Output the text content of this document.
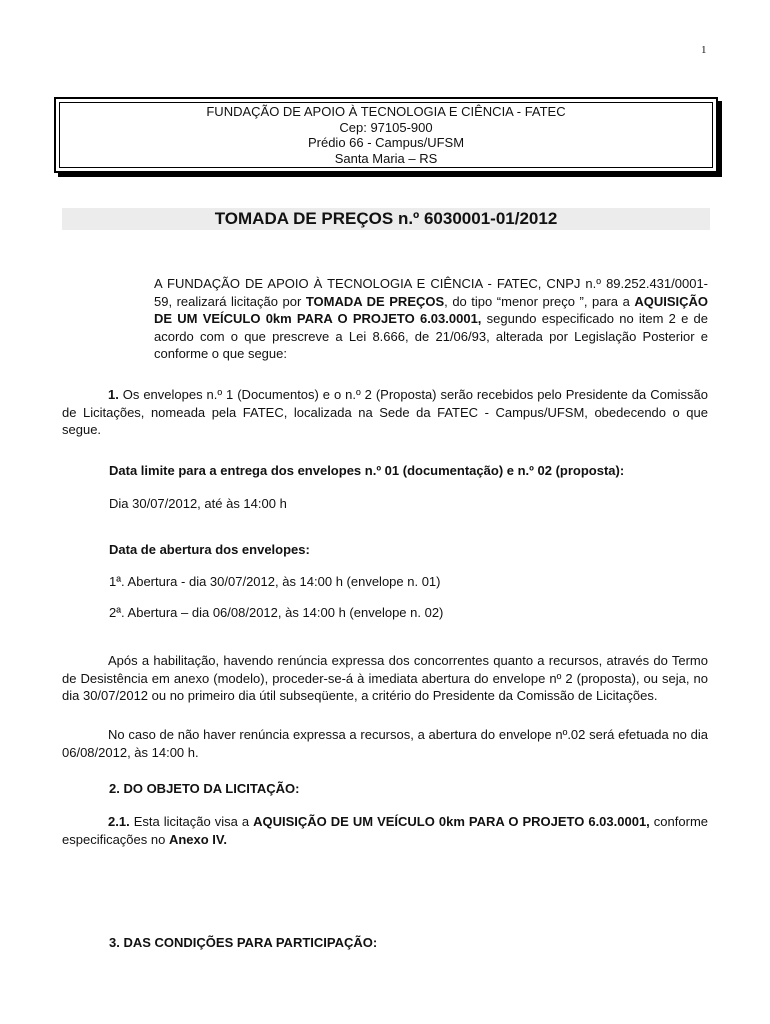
1
FUNDAÇÃO DE APOIO À TECNOLOGIA E CIÊNCIA - FATEC
Cep: 97105-900
Prédio 66 - Campus/UFSM
Santa Maria – RS
TOMADA DE PREÇOS n.º 6030001-01/2012
A FUNDAÇÃO DE APOIO À TECNOLOGIA E CIÊNCIA - FATEC, CNPJ n.º 89.252.431/0001-59, realizará licitação por TOMADA DE PREÇOS, do tipo “menor preço ”, para a AQUISIÇÃO DE UM VEÍCULO 0km PARA O PROJETO 6.03.0001, segundo especificado no item 2 e de acordo com o que prescreve a Lei 8.666, de 21/06/93, alterada por Legislação Posterior e conforme o que segue:
1. Os envelopes n.º 1 (Documentos) e o n.º 2 (Proposta) serão recebidos pelo Presidente da Comissão de Licitações, nomeada pela FATEC, localizada na Sede da FATEC - Campus/UFSM, obedecendo o que segue.
Data limite para a entrega dos envelopes n.º 01 (documentação) e n.º 02 (proposta):
Dia 30/07/2012, até às 14:00 h
Data de abertura dos envelopes:
1ª. Abertura - dia 30/07/2012, às 14:00 h (envelope n. 01)
2ª. Abertura – dia 06/08/2012, às 14:00 h (envelope n. 02)
Após a habilitação, havendo renúncia expressa dos concorrentes quanto a recursos, através do Termo de Desistência em anexo (modelo), proceder-se-á à imediata abertura do envelope nº 2 (proposta), ou seja, no dia 30/07/2012 ou no primeiro dia útil subseqüente, a critério do Presidente da Comissão de Licitações.
No caso de não haver renúncia expressa a recursos, a abertura do envelope nº.02 será efetuada no dia 06/08/2012, às 14:00 h.
2. DO OBJETO DA LICITAÇÃO:
2.1. Esta licitação visa a AQUISIÇÃO DE UM VEÍCULO 0km PARA O PROJETO 6.03.0001, conforme especificações no Anexo IV.
3. DAS CONDIÇÕES PARA PARTICIPAÇÃO:
